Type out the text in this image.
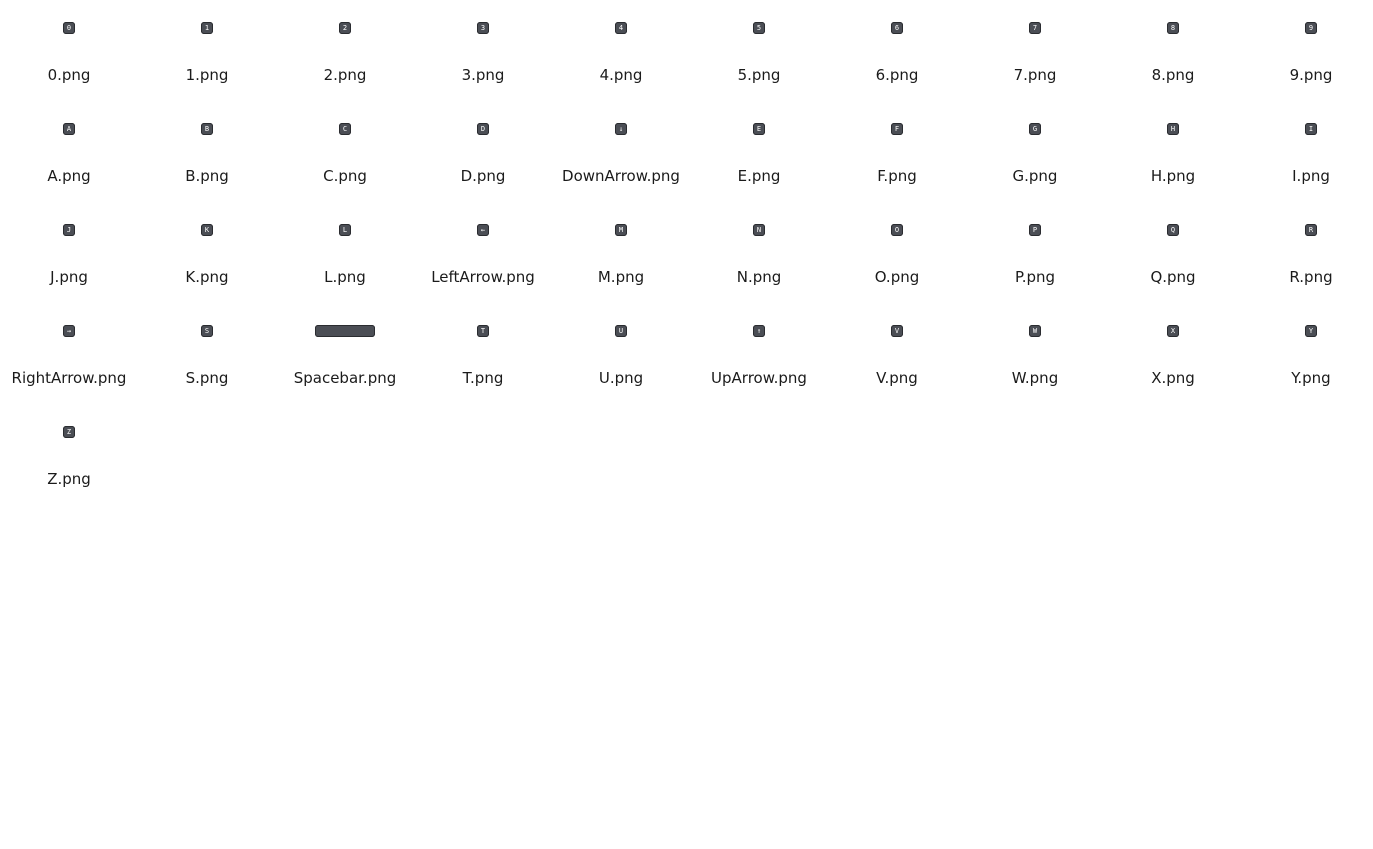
0
0.png
1
1.png
2
2.png
3
3.png
4
4.png
5
5.png
6
6.png
7
7.png
8
8.png
9
9.png
A
A.png
B
B.png
C
C.png
D
D.png
↓
DownArrow.png
E
E.png
F
F.png
G
G.png
H
H.png
I
I.png
J
J.png
K
K.png
L
L.png
←
LeftArrow.png
M
M.png
N
N.png
O
O.png
P
P.png
Q
Q.png
R
R.png
→
RightArrow.png
S
S.png	Spacebar.png
T
T.png
U
U.png
↑
UpArrow.png
V
V.png
W
W.png
X
X.png
Y
Y.png
Z
Z.png
